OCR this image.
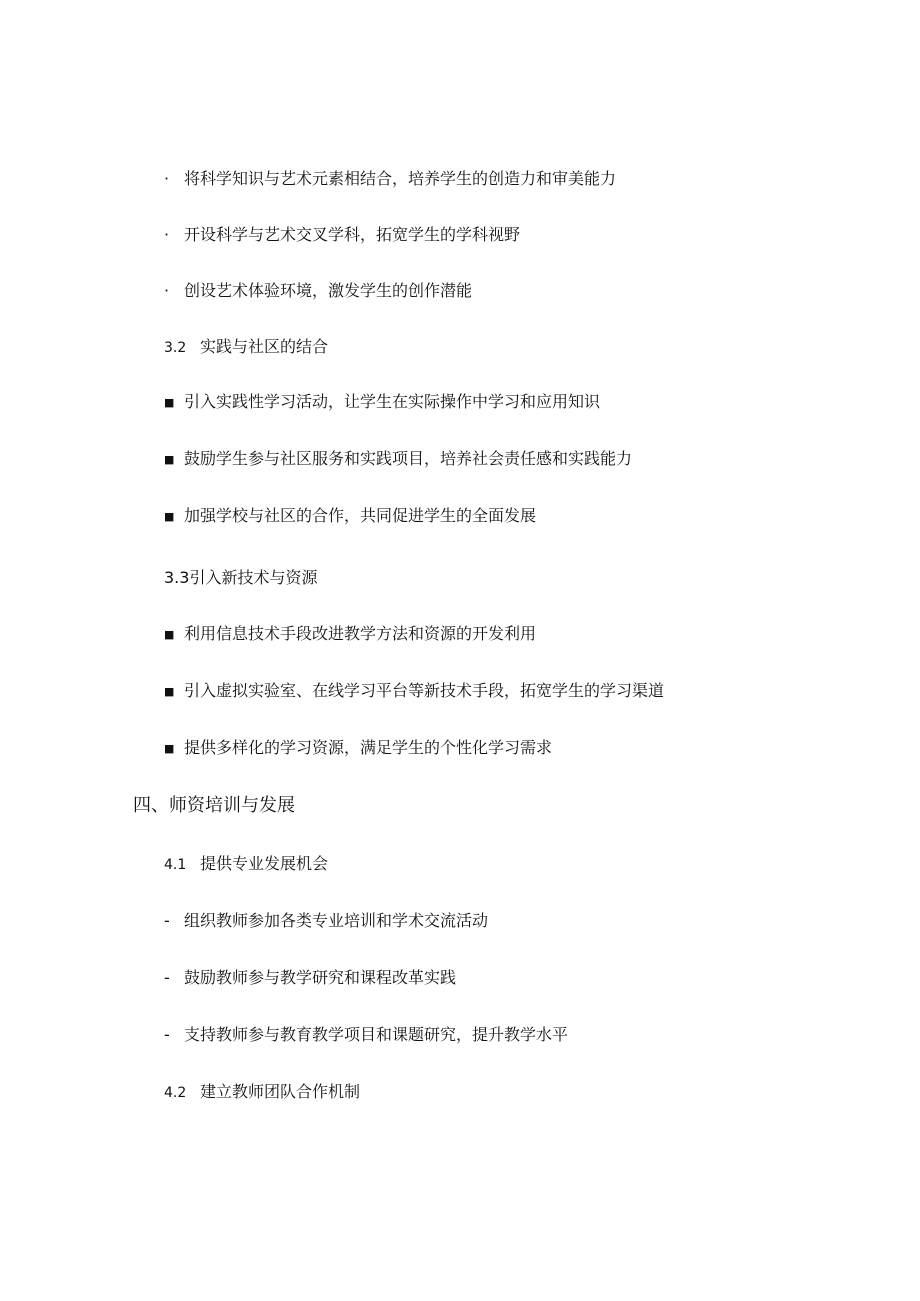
· 将科学知识与艺术元素相结合，培养学生的创造力和审美能力
· 开设科学与艺术交叉学科，拓宽学生的学科视野
· 创设艺术体验环境，激发学生的创作潜能
3.2 实践与社区的结合
■ 引入实践性学习活动，让学生在实际操作中学习和应用知识
■ 鼓励学生参与社区服务和实践项目，培养社会责任感和实践能力
■ 加强学校与社区的合作，共同促进学生的全面发展
3.3引入新技术与资源
■ 利用信息技术手段改进教学方法和资源的开发利用
■ 引入虚拟实验室、在线学习平台等新技术手段，拓宽学生的学习渠道
■ 提供多样化的学习资源，满足学生的个性化学习需求
四、师资培训与发展
4.1 提供专业发展机会
- 组织教师参加各类专业培训和学术交流活动
- 鼓励教师参与教学研究和课程改革实践
- 支持教师参与教育教学项目和课题研究，提升教学水平
4.2 建立教师团队合作机制
